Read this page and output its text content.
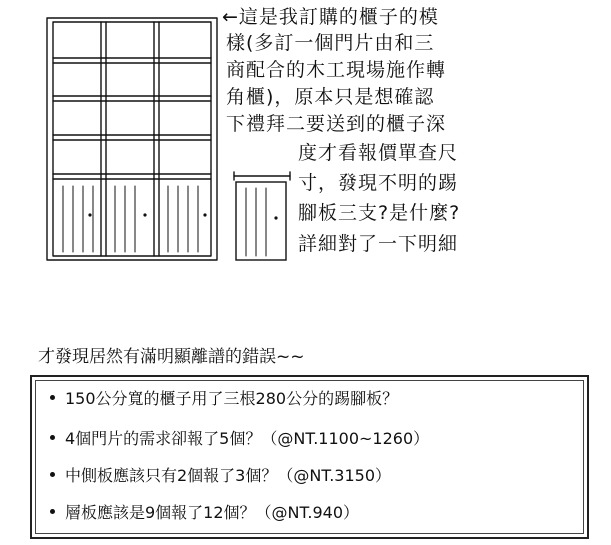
←這是我訂購的櫃子的模
樣(多訂一個門片由和三
商配合的木工現場施作轉
角櫃)，原本只是想確認
下禮拜二要送到的櫃子深
度才看報價單查尺
寸，發現不明的踢
腳板三支?是什麼?
詳細對了一下明細
才發現居然有滿明顯離譜的錯誤~~
150公分寬的櫃子用了三根280公分的踢腳板？
4個門片的需求卻報了5個？（@NT.1100~1260）
中側板應該只有2個報了3個？（@NT.3150）
層板應該是9個報了12個？（@NT.940）
